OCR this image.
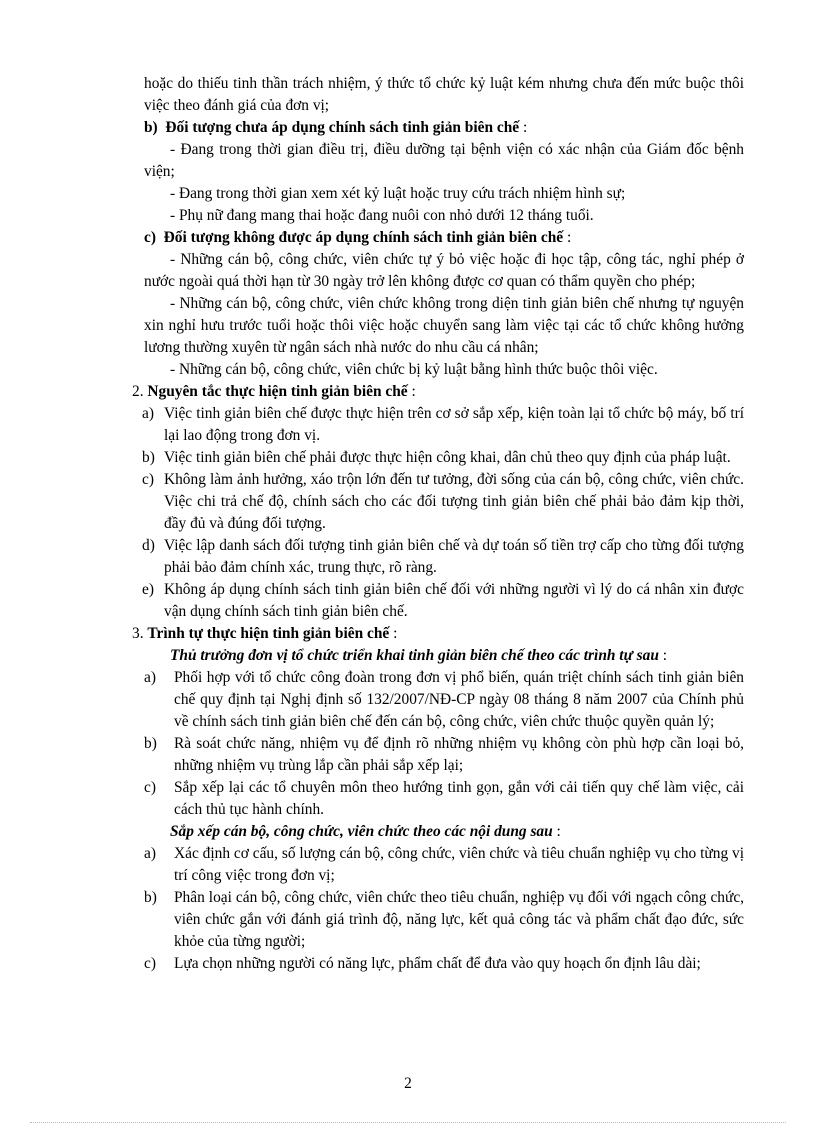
hoặc do thiếu tinh thần trách nhiệm, ý thức tổ chức kỷ luật kém nhưng chưa đến mức buộc thôi việc theo đánh giá của đơn vị;

b) Đối tượng chưa áp dụng chính sách tinh giản biên chế :

- Đang trong thời gian điều trị, điều dưỡng tại bệnh viện có xác nhận của Giám đốc bệnh viện;

- Đang trong thời gian xem xét kỷ luật hoặc truy cứu trách nhiệm hình sự;

- Phụ nữ đang mang thai hoặc đang nuôi con nhỏ dưới 12 tháng tuổi.

c) Đối tượng không được áp dụng chính sách tinh giản biên chế :

- Những cán bộ, công chức, viên chức tự ý bỏ việc hoặc đi học tập, công tác, nghỉ phép ở nước ngoài quá thời hạn từ 30 ngày trở lên không được cơ quan có thẩm quyền cho phép;

- Những cán bộ, công chức, viên chức không trong diện tinh giản biên chế nhưng tự nguyện xin nghỉ hưu trước tuổi hoặc thôi việc hoặc chuyển sang làm việc tại các tổ chức không hưởng lương thường xuyên từ ngân sách nhà nước do nhu cầu cá nhân;

- Những cán bộ, công chức, viên chức bị kỷ luật bằng hình thức buộc thôi việc.

2. Nguyên tắc thực hiện tinh giản biên chế :

a) Việc tinh giản biên chế được thực hiện trên cơ sở sắp xếp, kiện toàn lại tổ chức bộ máy, bố trí lại lao động trong đơn vị.
b) Việc tinh giản biên chế phải được thực hiện công khai, dân chủ theo quy định của pháp luật.
c) Không làm ảnh hưởng, xáo trộn lớn đến tư tưởng, đời sống của cán bộ, công chức, viên chức. Việc chi trả chế độ, chính sách cho các đối tượng tinh giản biên chế phải bảo đảm kịp thời, đầy đủ và đúng đối tượng.
d) Việc lập danh sách đối tượng tinh giản biên chế và dự toán số tiền trợ cấp cho từng đối tượng phải bảo đảm chính xác, trung thực, rõ ràng.
e) Không áp dụng chính sách tinh giản biên chế đối với những người vì lý do cá nhân xin được vận dụng chính sách tinh giản biên chế.

3. Trình tự thực hiện tinh giản biên chế :

Thủ trưởng đơn vị tổ chức triển khai tinh giản biên chế theo các trình tự sau :

a) Phối hợp với tổ chức công đoàn trong đơn vị phổ biến, quán triệt chính sách tinh giản biên chế quy định tại Nghị định số 132/2007/NĐ-CP ngày 08 tháng 8 năm 2007 của Chính phủ về chính sách tinh giản biên chế đến cán bộ, công chức, viên chức thuộc quyền quản lý;
b) Rà soát chức năng, nhiệm vụ để định rõ những nhiệm vụ không còn phù hợp cần loại bỏ, những nhiệm vụ trùng lắp cần phải sắp xếp lại;
c) Sắp xếp lại các tổ chuyên môn theo hướng tinh gọn, gắn với cải tiến quy chế làm việc, cải cách thủ tục hành chính.

Sắp xếp cán bộ, công chức, viên chức theo các nội dung sau :

a) Xác định cơ cấu, số lượng cán bộ, công chức, viên chức và tiêu chuẩn nghiệp vụ cho từng vị trí công việc trong đơn vị;
b) Phân loại cán bộ, công chức, viên chức theo tiêu chuẩn, nghiệp vụ đối với ngạch công chức, viên chức gắn với đánh giá trình độ, năng lực, kết quả công tác và phẩm chất đạo đức, sức khỏe của từng người;
c) Lựa chọn những người có năng lực, phẩm chất để đưa vào quy hoạch ổn định lâu dài;
2
